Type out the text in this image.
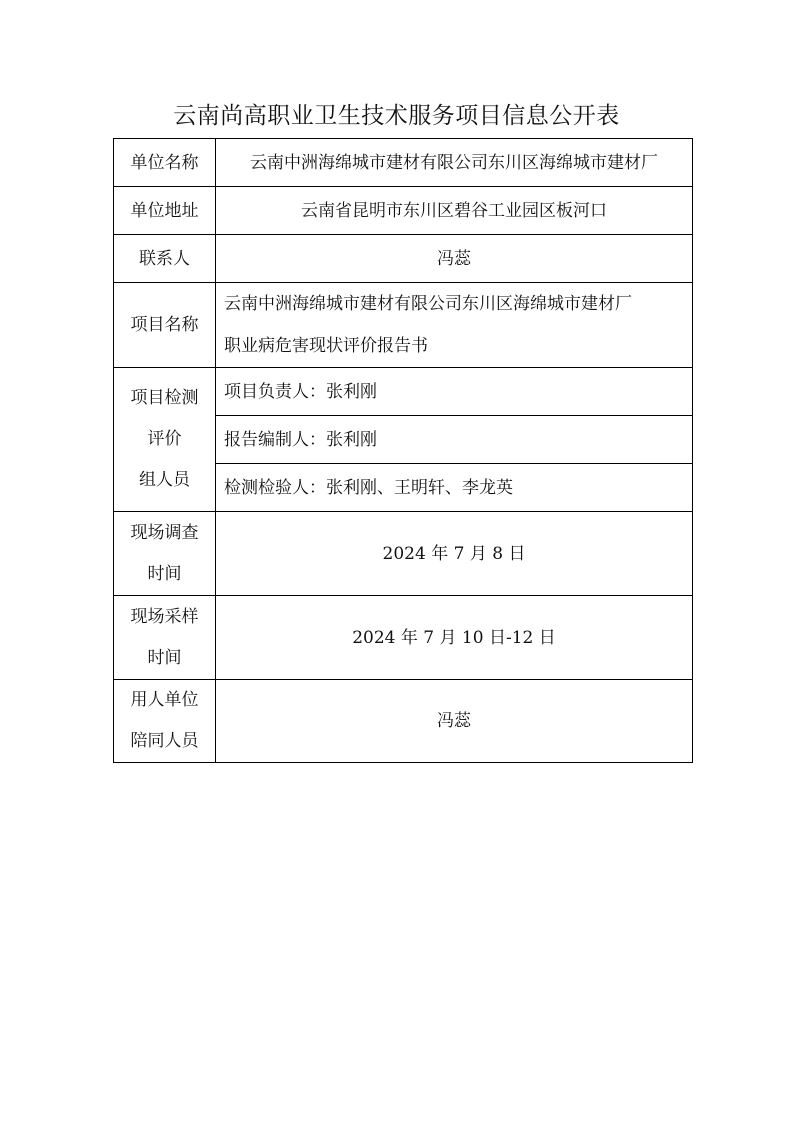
云南尚高职业卫生技术服务项目信息公开表
单位名称	云南中洲海绵城市建材有限公司东川区海绵城市建材厂
单位地址	云南省昆明市东川区碧谷工业园区板河口
联系人	冯蕊
项目名称	云南中洲海绵城市建材有限公司东川区海绵城市建材厂
职业病危害现状评价报告书

项目检测
评价
组人员	项目负责人：张利刚
	报告编制人：张利刚
	检测检验人：张利刚、王明轩、李龙英

现场调查
时间	2024 年 7 月 8 日

现场采样
时间	2024 年 7 月 10 日-12 日

用人单位
陪同人员	冯蕊
